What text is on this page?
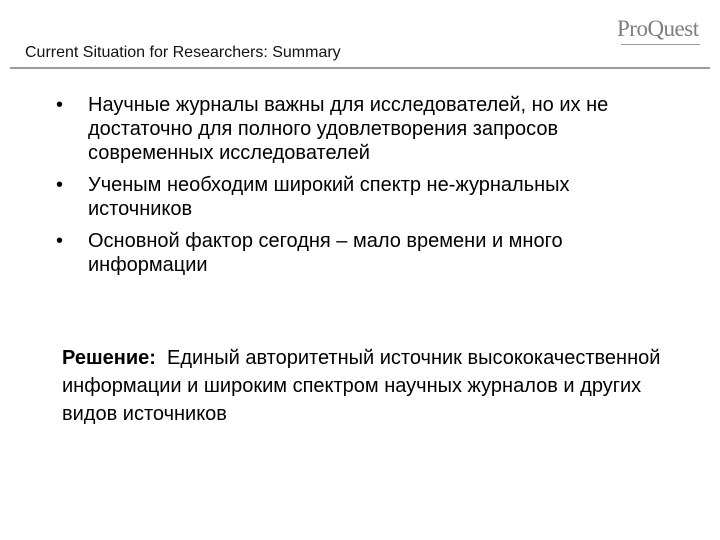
ProQuest
Current Situation for Researchers: Summary
• Научные журналы важны для исследователей, но их не достаточно для полного удовлетворения запросов современных исследователей
• Ученым необходим широкий спектр не-журнальных источников
• Основной фактор сегодня – мало времени и много информации
Решение: Единый авторитетный источник высококачественной информации и широким спектром научных журналов и других видов источников
